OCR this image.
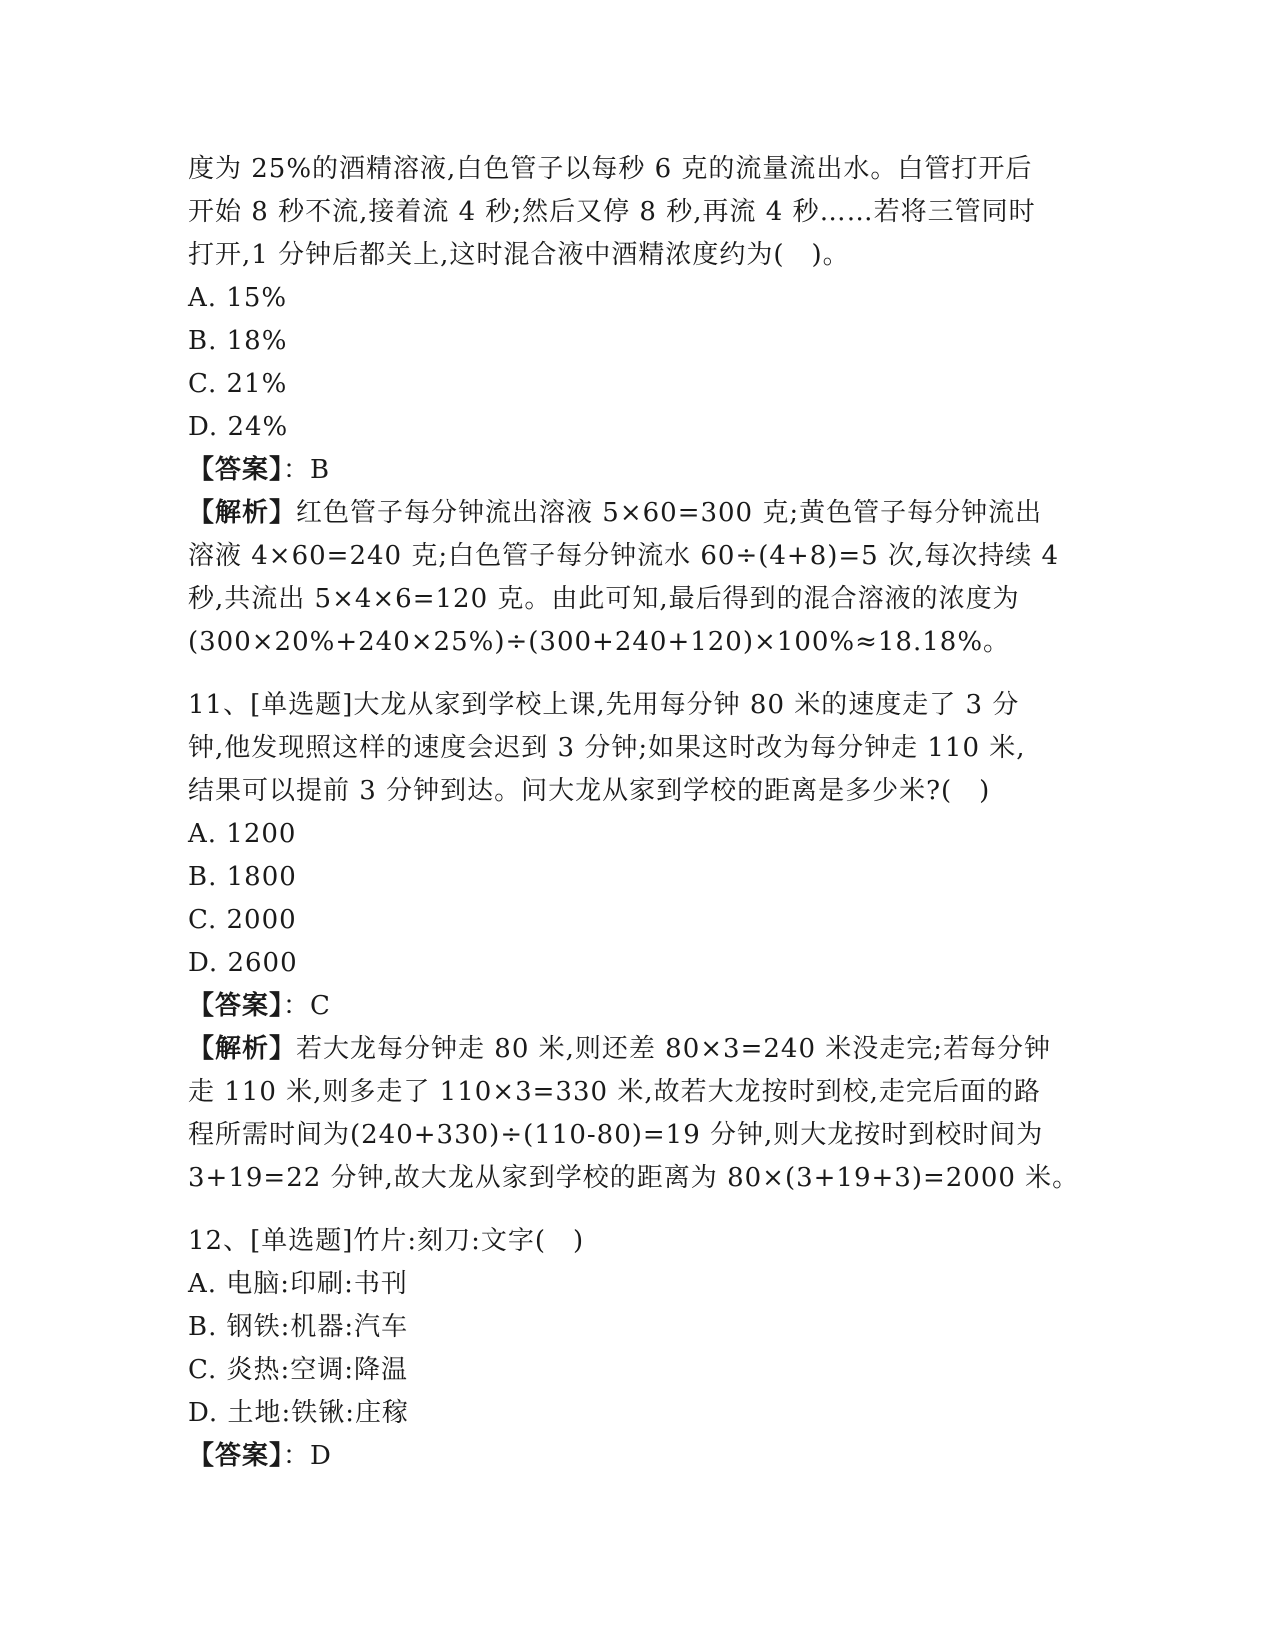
度为 25%的酒精溶液,白色管子以每秒 6 克的流量流出水。白管打开后
开始 8 秒不流,接着流 4 秒;然后又停 8 秒,再流 4 秒……若将三管同时
打开,1 分钟后都关上,这时混合液中酒精浓度约为(　)。
A. 15%
B. 18%
C. 21%
D. 24%
【答案】：B
【解析】红色管子每分钟流出溶液 5×60=300 克;黄色管子每分钟流出
溶液 4×60=240 克;白色管子每分钟流水 60÷(4+8)=5 次,每次持续 4
秒,共流出 5×4×6=120 克。由此可知,最后得到的混合溶液的浓度为
(300×20%+240×25%)÷(300+240+120)×100%≈18.18%。
11、[单选题]大龙从家到学校上课,先用每分钟 80 米的速度走了 3 分
钟,他发现照这样的速度会迟到 3 分钟;如果这时改为每分钟走 110 米,
结果可以提前 3 分钟到达。问大龙从家到学校的距离是多少米?(　)
A. 1200
B. 1800
C. 2000
D. 2600
【答案】：C
【解析】若大龙每分钟走 80 米,则还差 80×3=240 米没走完;若每分钟
走 110 米,则多走了 110×3=330 米,故若大龙按时到校,走完后面的路
程所需时间为(240+330)÷(110-80)=19 分钟,则大龙按时到校时间为
3+19=22 分钟,故大龙从家到学校的距离为 80×(3+19+3)=2000 米。
12、[单选题]竹片:刻刀:文字(　)
A. 电脑:印刷:书刊
B. 钢铁:机器:汽车
C. 炎热:空调:降温
D. 土地:铁锹:庄稼
【答案】：D
